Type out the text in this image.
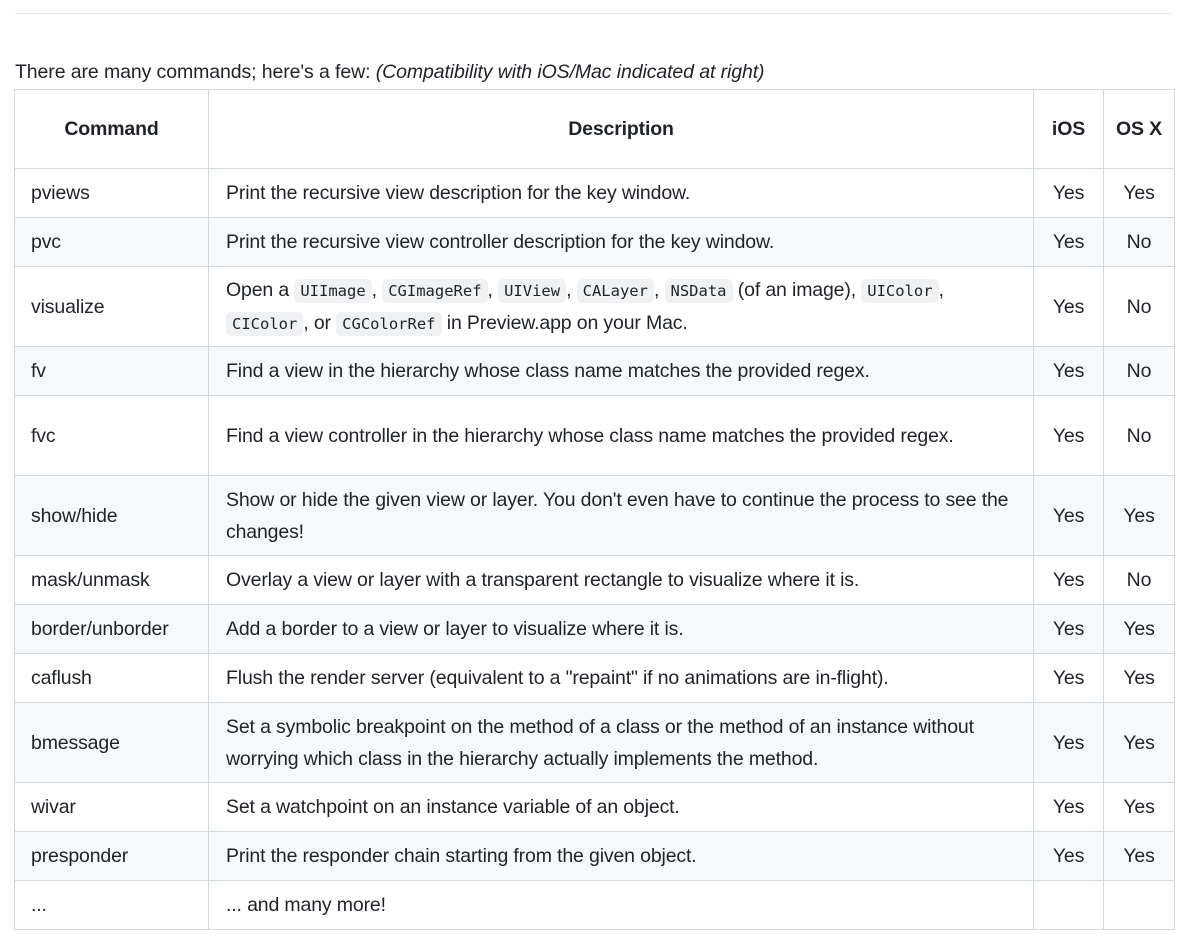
There are many commands; here's a few: (Compatibility with iOS/Mac indicated at right)

Command	Description	iOS	OS X
pviews	Print the recursive view description for the key window.	Yes	Yes
pvc	Print the recursive view controller description for the key window.	Yes	No
visualize	Open a UIImage , CGImageRef , UIView , CALayer , NSData (of an image), UIColor , CIColor , or CGColorRef in Preview.app on your Mac.	Yes	No
fv	Find a view in the hierarchy whose class name matches the provided regex.	Yes	No
fvc	Find a view controller in the hierarchy whose class name matches the provided regex.	Yes	No
show/hide	Show or hide the given view or layer. You don't even have to continue the process to see the changes!	Yes	Yes
mask/unmask	Overlay a view or layer with a transparent rectangle to visualize where it is.	Yes	No
border/unborder	Add a border to a view or layer to visualize where it is.	Yes	Yes
caflush	Flush the render server (equivalent to a "repaint" if no animations are in-flight).	Yes	Yes
bmessage	Set a symbolic breakpoint on the method of a class or the method of an instance without worrying which class in the hierarchy actually implements the method.	Yes	Yes
wivar	Set a watchpoint on an instance variable of an object.	Yes	Yes
presponder	Print the responder chain starting from the given object.	Yes	Yes
...	... and many more!		
